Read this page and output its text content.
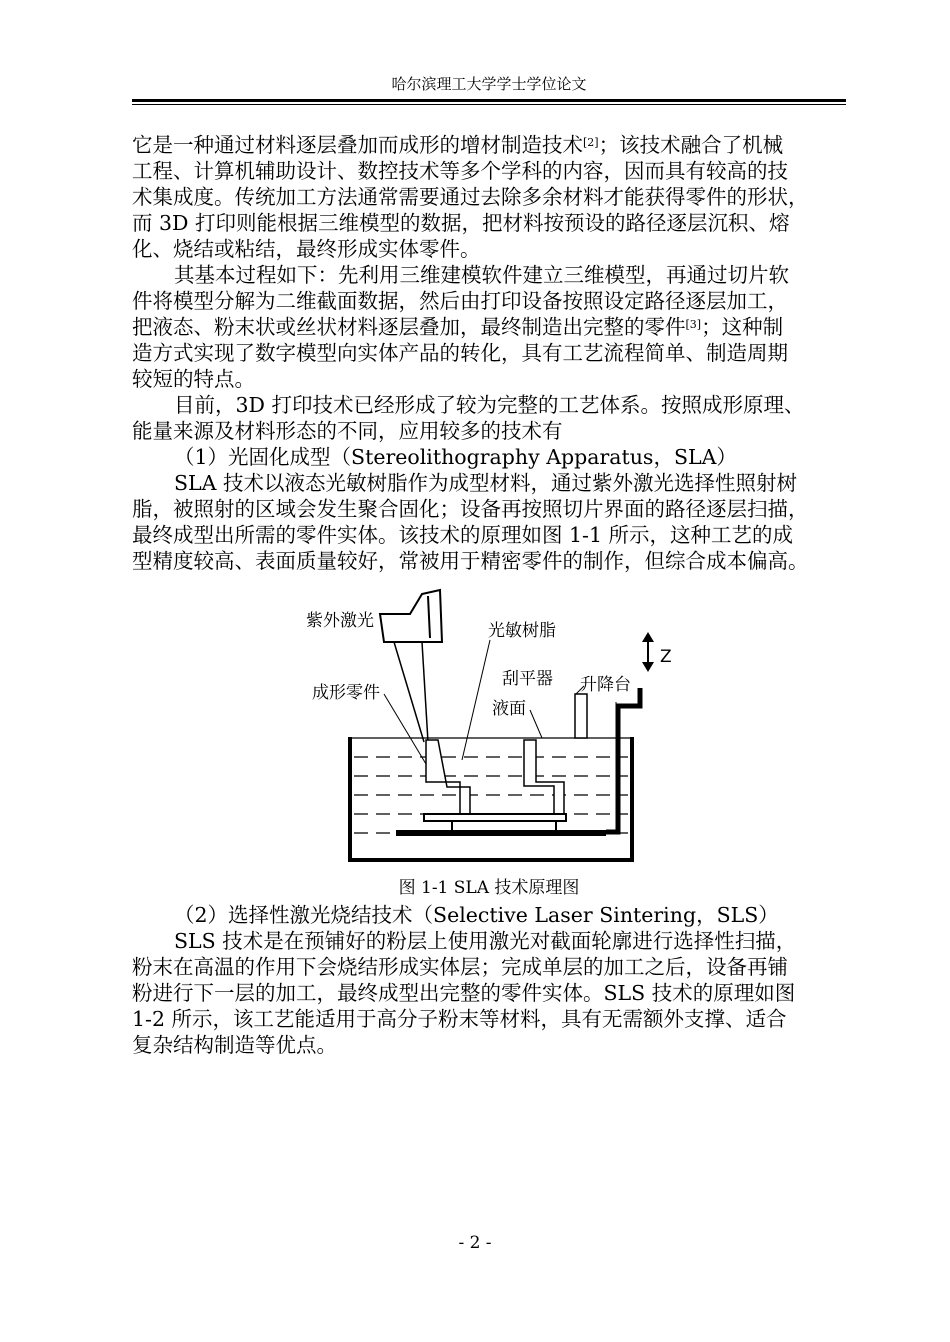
哈尔滨理工大学学士学位论文
它是一种通过材料逐层叠加而成形的增材制造技术[2]；该技术融合了机械
工程、计算机辅助设计、数控技术等多个学科的内容，因而具有较高的技
术集成度。传统加工方法通常需要通过去除多余材料才能获得零件的形状，
而 3D 打印则能根据三维模型的数据，把材料按预设的路径逐层沉积、熔
化、烧结或粘结，最终形成实体零件。
其基本过程如下：先利用三维建模软件建立三维模型，再通过切片软
件将模型分解为二维截面数据，然后由打印设备按照设定路径逐层加工，
把液态、粉末状或丝状材料逐层叠加，最终制造出完整的零件[3]；这种制
造方式实现了数字模型向实体产品的转化，具有工艺流程简单、制造周期
较短的特点。
目前，3D 打印技术已经形成了较为完整的工艺体系。按照成形原理、
能量来源及材料形态的不同，应用较多的技术有
（1）光固化成型（Stereolithography Apparatus，SLA）
SLA 技术以液态光敏树脂作为成型材料，通过紫外激光选择性照射树
脂，被照射的区域会发生聚合固化；设备再按照切片界面的路径逐层扫描，
最终成型出所需的零件实体。该技术的原理如图 1-1 所示，这种工艺的成
型精度较高、表面质量较好，常被用于精密零件的制作，但综合成本偏高。
紫外激光	光敏树脂
Z
刮平器 升降台
成形零件
液面
图 1-1 SLA 技术原理图
（2）选择性激光烧结技术（Selective Laser Sintering，SLS）
SLS 技术是在预铺好的粉层上使用激光对截面轮廓进行选择性扫描，
粉末在高温的作用下会烧结形成实体层；完成单层的加工之后，设备再铺
粉进行下一层的加工，最终成型出完整的零件实体。SLS 技术的原理如图
1-2 所示，该工艺能适用于高分子粉末等材料，具有无需额外支撑、适合
复杂结构制造等优点。
- 2 -
